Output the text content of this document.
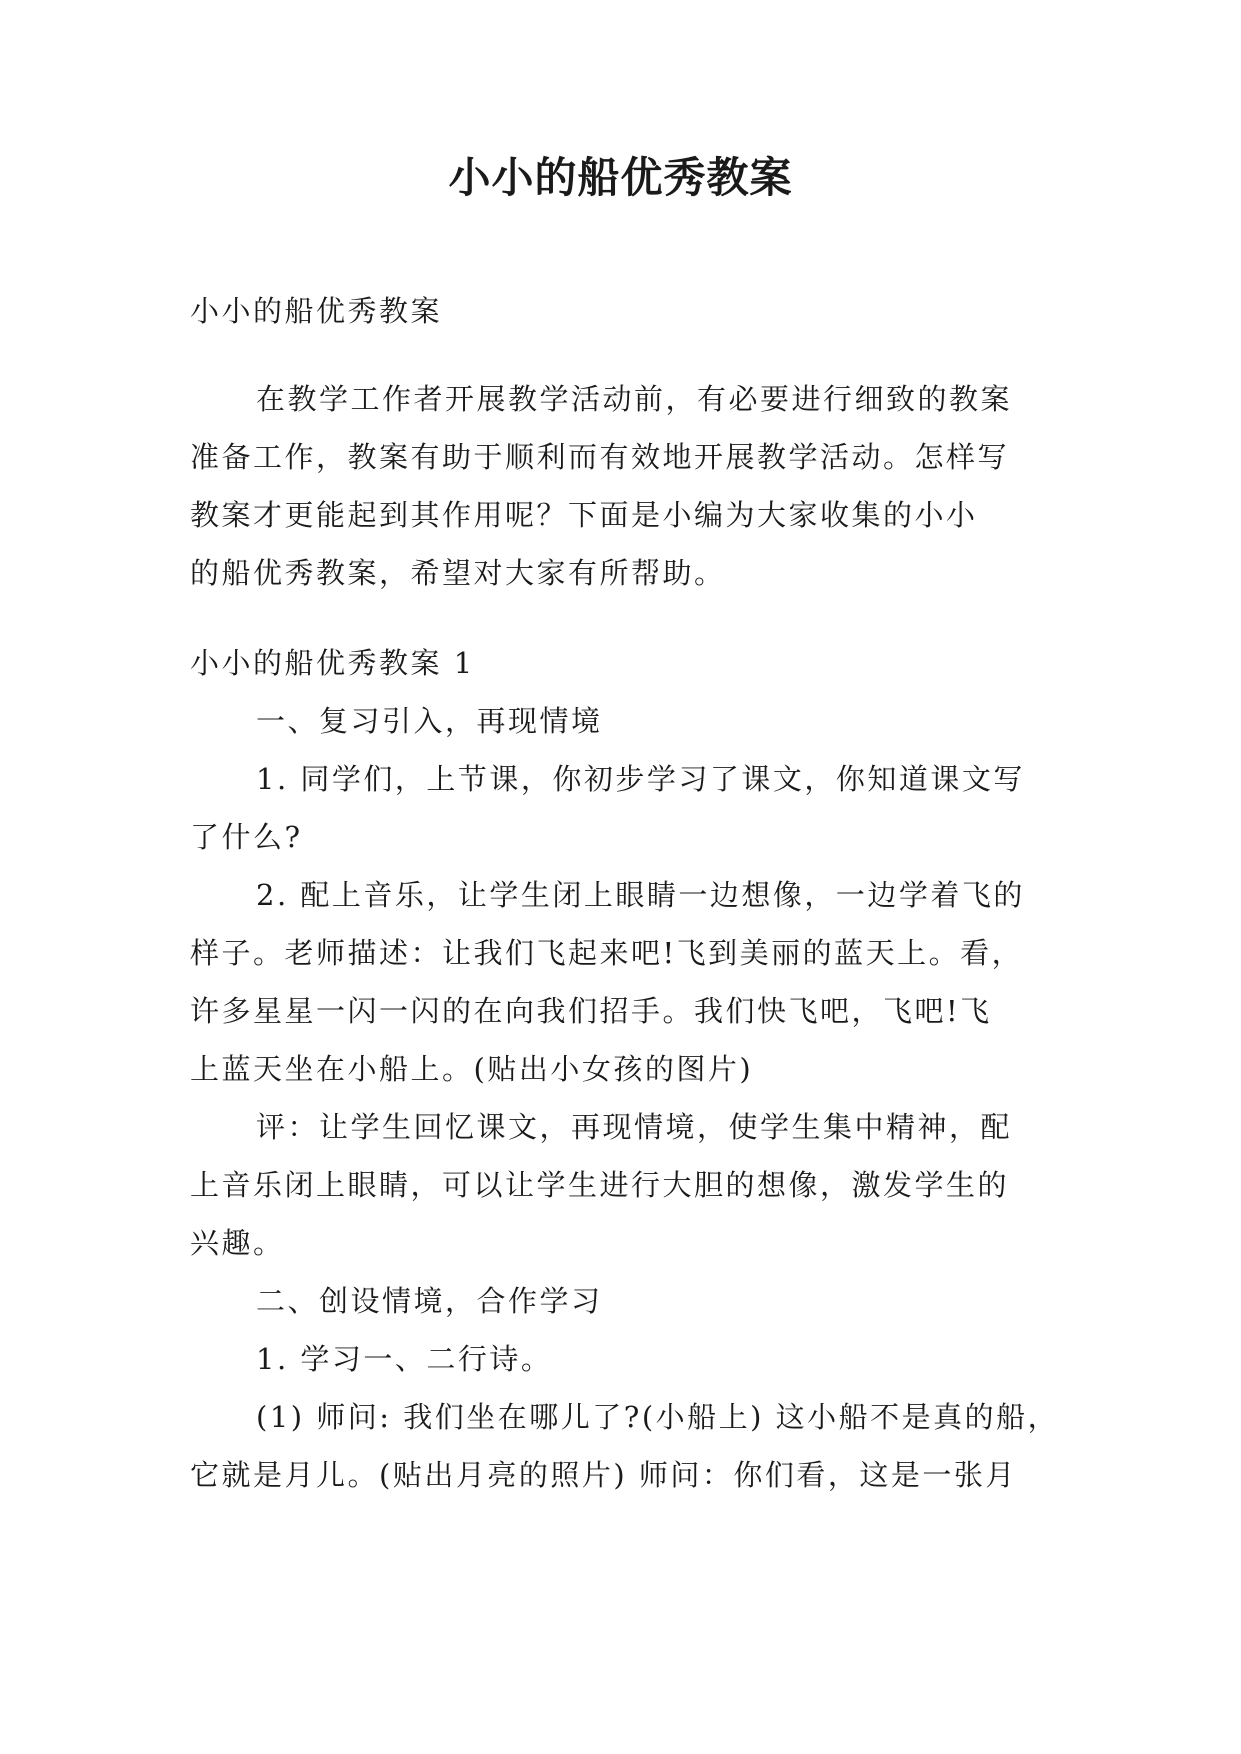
小小的船优秀教案

小小的船优秀教案

在教学工作者开展教学活动前，有必要进行细致的教案
准备工作，教案有助于顺利而有效地开展教学活动。怎样写
教案才更能起到其作用呢？下面是小编为大家收集的小小
的船优秀教案，希望对大家有所帮助。

小小的船优秀教案 1

一、复习引入，再现情境

1. 同学们，上节课，你初步学习了课文，你知道课文写
了什么?
2. 配上音乐，让学生闭上眼睛一边想像，一边学着飞的
样子。老师描述：让我们飞起来吧!飞到美丽的蓝天上。看，
许多星星一闪一闪的在向我们招手。我们快飞吧，飞吧!飞
上蓝天坐在小船上。(贴出小女孩的图片)
评：让学生回忆课文，再现情境，使学生集中精神，配
上音乐闭上眼睛，可以让学生进行大胆的想像，激发学生的
兴趣。

二、创设情境，合作学习

1. 学习一、二行诗。

(1) 师问: 我们坐在哪儿了?(小船上) 这小船不是真的船，
它就是月儿。(贴出月亮的照片) 师问：你们看，这是一张月
